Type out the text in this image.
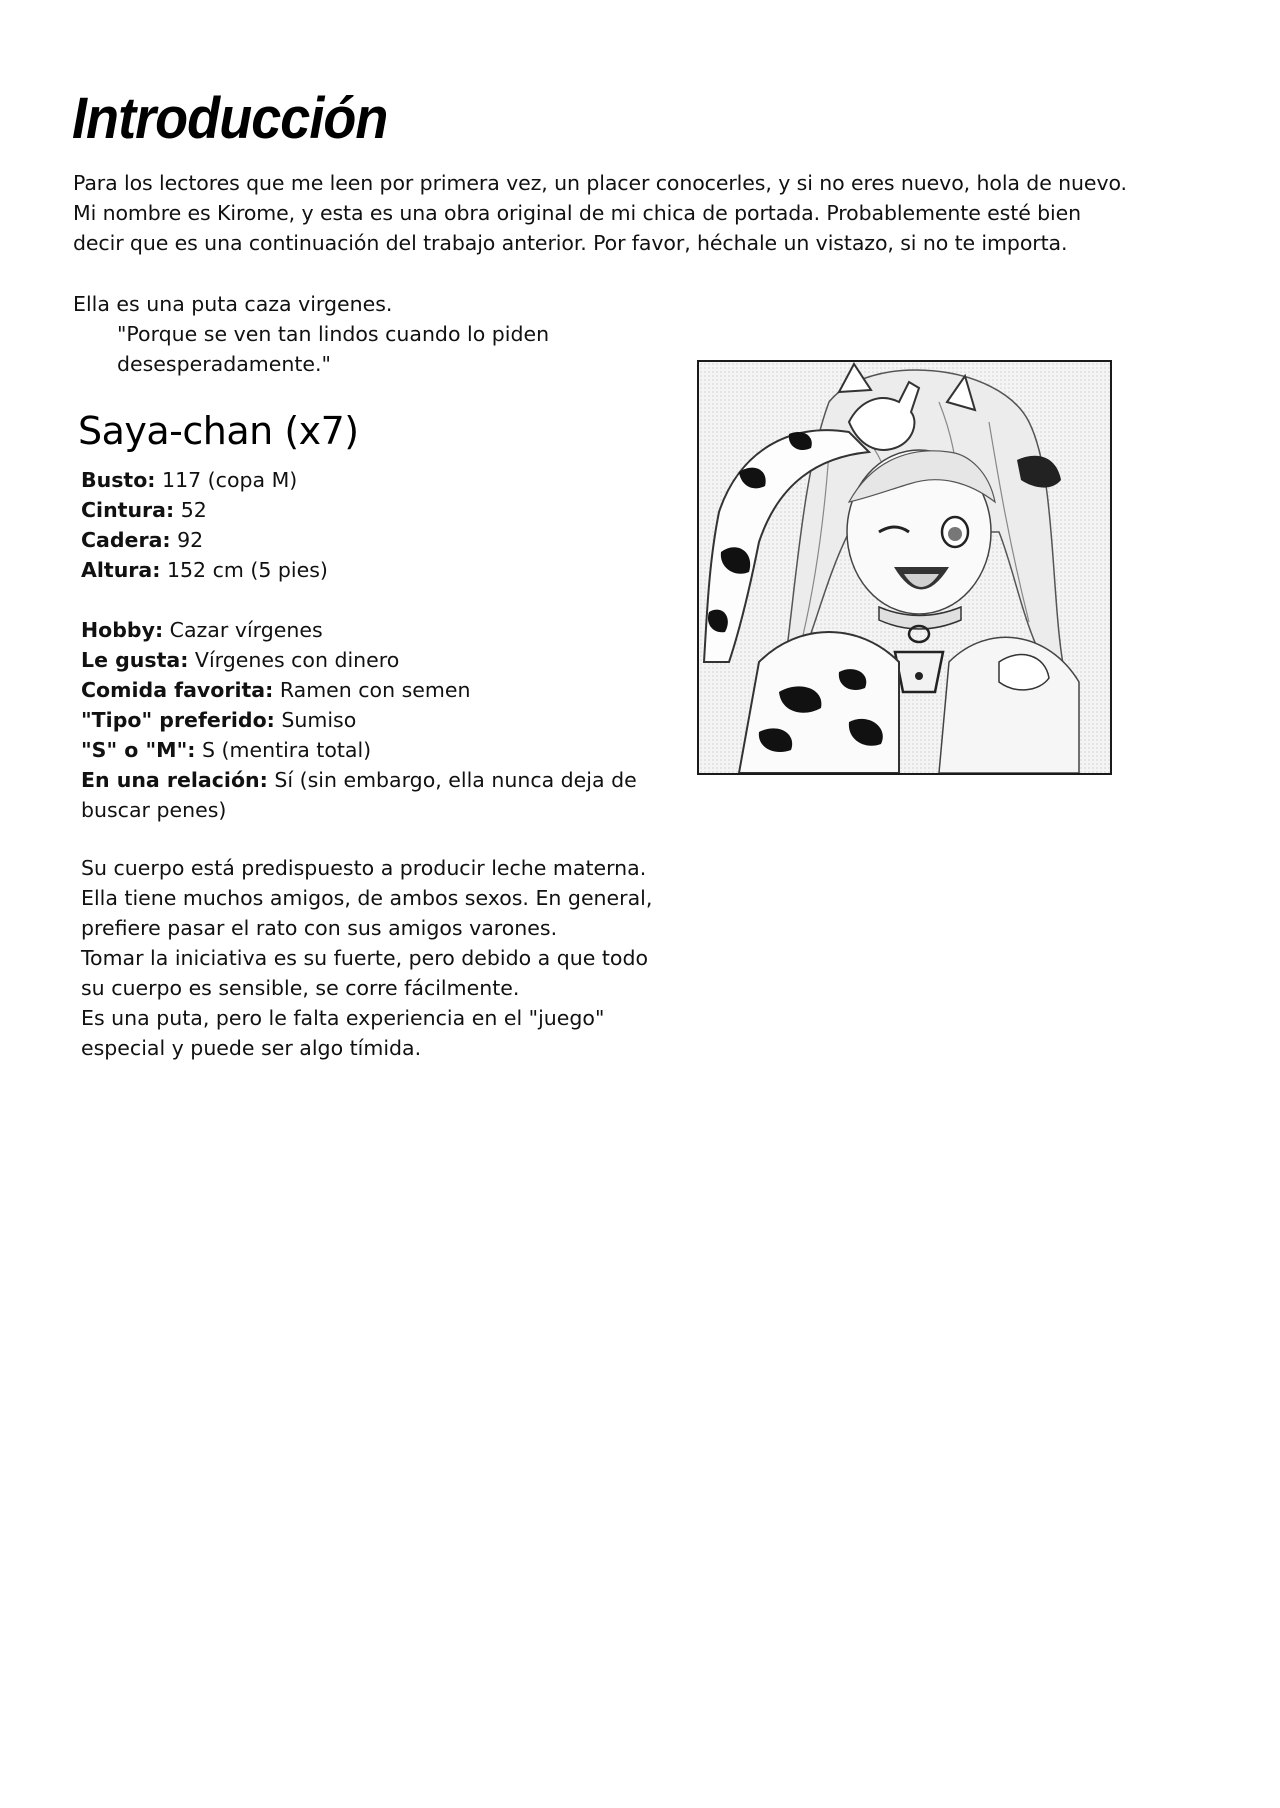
Introducción

Para los lectores que me leen por primera vez, un placer conocerles, y si no eres nuevo, hola de nuevo.

Mi nombre es Kirome, y esta es una obra original de mi chica de portada. Probablemente esté bien

decir que es una continuación del trabajo anterior. Por favor, héchale un vistazo, si no te importa.

Ella es una puta caza virgenes.
"Porque se ven tan lindos cuando lo piden
desesperadamente."
Saya-chan (x7)
Busto: 117 (copa M)
Cintura: 52
Cadera: 92
Altura: 152 cm (5 pies)
Hobby: Cazar vírgenes
Le gusta: Vírgenes con dinero
Comida favorita: Ramen con semen
"Tipo" preferido: Sumiso
"S" o "M": S (mentira total)
En una relación: Sí (sin embargo, ella nunca deja de
buscar penes)
Su cuerpo está predispuesto a producir leche materna.
Ella tiene muchos amigos, de ambos sexos. En general,
prefiere pasar el rato con sus amigos varones.
Tomar la iniciativa es su fuerte, pero debido a que todo
su cuerpo es sensible, se corre fácilmente.
Es una puta, pero le falta experiencia en el "juego"
especial y puede ser algo tímida.
